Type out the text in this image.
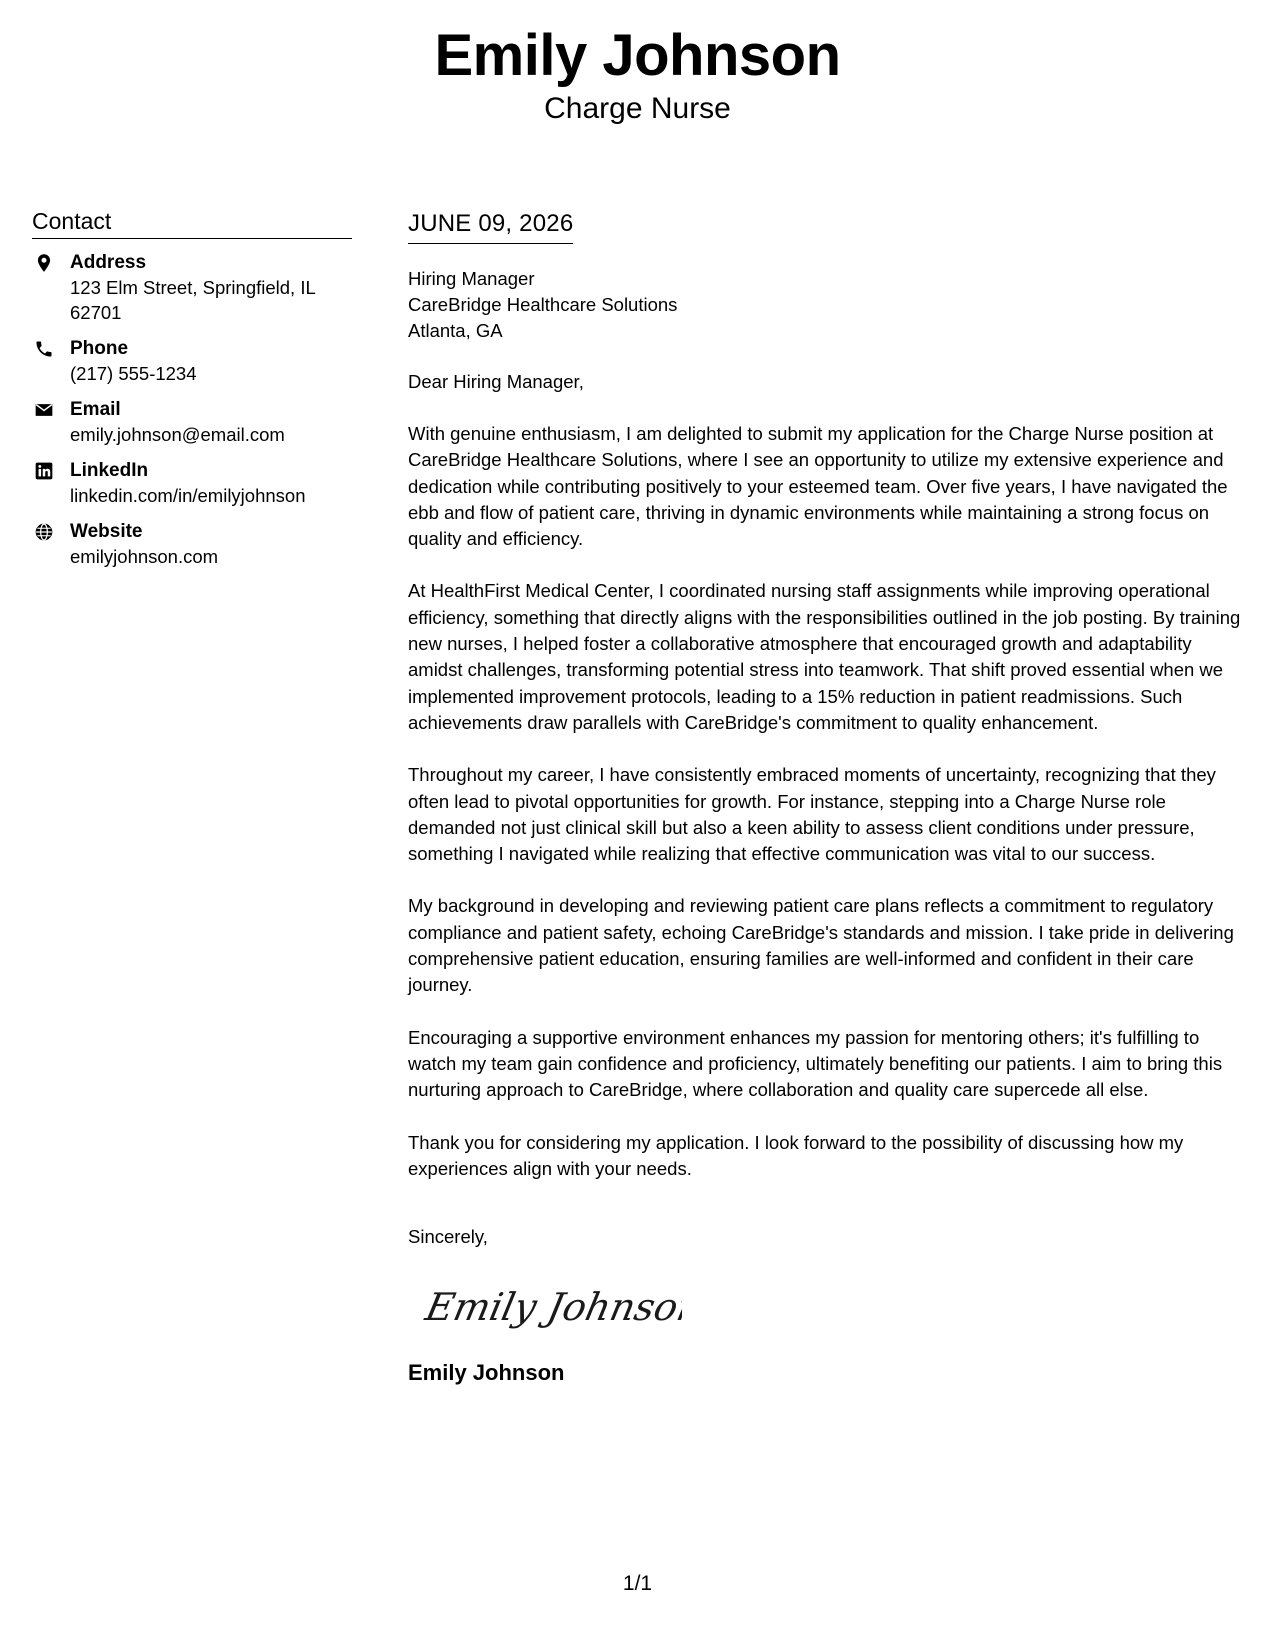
Emily Johnson
Charge Nurse
Contact
Address
123 Elm Street, Springfield, IL 62701
Phone
(217) 555-1234
Email
emily.johnson@email.com
LinkedIn
linkedin.com/in/emilyjohnson
Website
emilyjohnson.com
JUNE 09, 2026
Hiring Manager
CareBridge Healthcare Solutions
Atlanta, GA
Dear Hiring Manager,
With genuine enthusiasm, I am delighted to submit my application for the Charge Nurse position at CareBridge Healthcare Solutions, where I see an opportunity to utilize my extensive experience and dedication while contributing positively to your esteemed team. Over five years, I have navigated the ebb and flow of patient care, thriving in dynamic environments while maintaining a strong focus on quality and efficiency.
At HealthFirst Medical Center, I coordinated nursing staff assignments while improving operational efficiency, something that directly aligns with the responsibilities outlined in the job posting. By training new nurses, I helped foster a collaborative atmosphere that encouraged growth and adaptability amidst challenges, transforming potential stress into teamwork. That shift proved essential when we implemented improvement protocols, leading to a 15% reduction in patient readmissions. Such achievements draw parallels with CareBridge's commitment to quality enhancement.
Throughout my career, I have consistently embraced moments of uncertainty, recognizing that they often lead to pivotal opportunities for growth. For instance, stepping into a Charge Nurse role demanded not just clinical skill but also a keen ability to assess client conditions under pressure, something I navigated while realizing that effective communication was vital to our success.
My background in developing and reviewing patient care plans reflects a commitment to regulatory compliance and patient safety, echoing CareBridge's standards and mission. I take pride in delivering comprehensive patient education, ensuring families are well-informed and confident in their care journey.
Encouraging a supportive environment enhances my passion for mentoring others; it's fulfilling to watch my team gain confidence and proficiency, ultimately benefiting our patients. I aim to bring this nurturing approach to CareBridge, where collaboration and quality care supercede all else.
Thank you for considering my application. I look forward to the possibility of discussing how my experiences align with your needs.
Sincerely,
Emily Johnson
Emily Johnson
1/1
